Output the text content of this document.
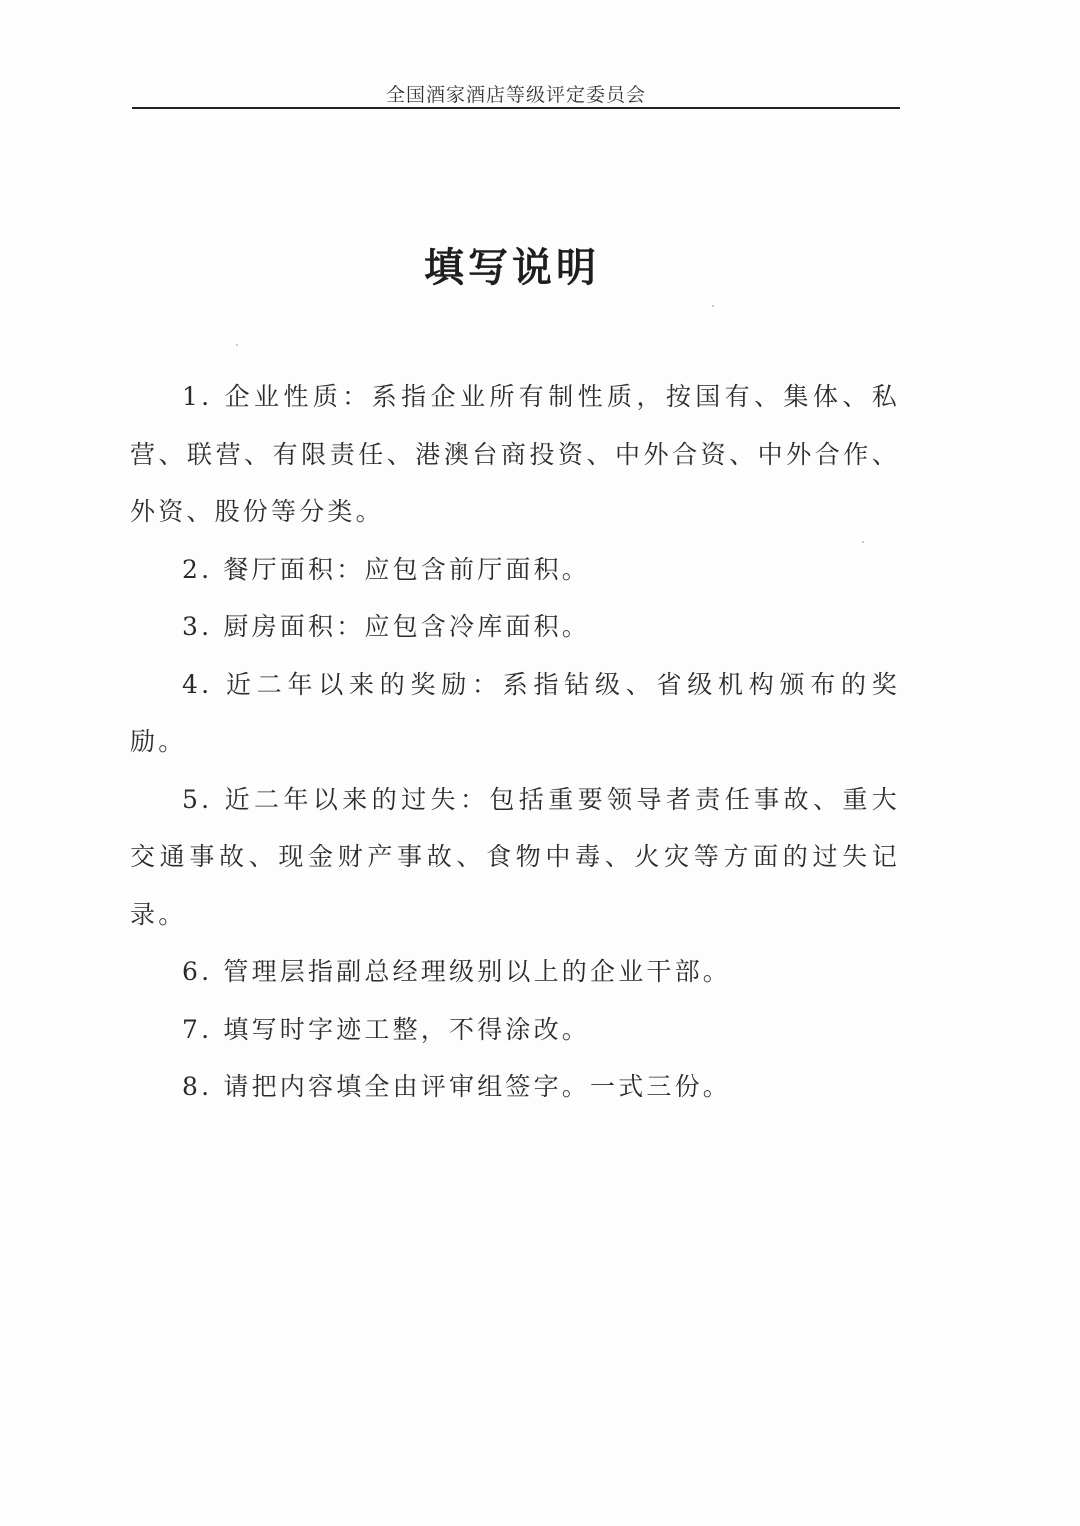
全国酒家酒店等级评定委员会
填写说明

1. 企业性质：系指企业所有制性质，按国有、集体、私营、联营、有限责任、港澳台商投资、中外合资、中外合作、外资、股份等分类。

2. 餐厅面积：应包含前厅面积。

3. 厨房面积：应包含冷库面积。

4. 近二年以来的奖励：系指钻级、省级机构颁布的奖励。

5. 近二年以来的过失：包括重要领导者责任事故、重大交通事故、现金财产事故、食物中毒、火灾等方面的过失记录。

6. 管理层指副总经理级别以上的企业干部。

7. 填写时字迹工整，不得涂改。

8. 请把内容填全由评审组签字。一式三份。
